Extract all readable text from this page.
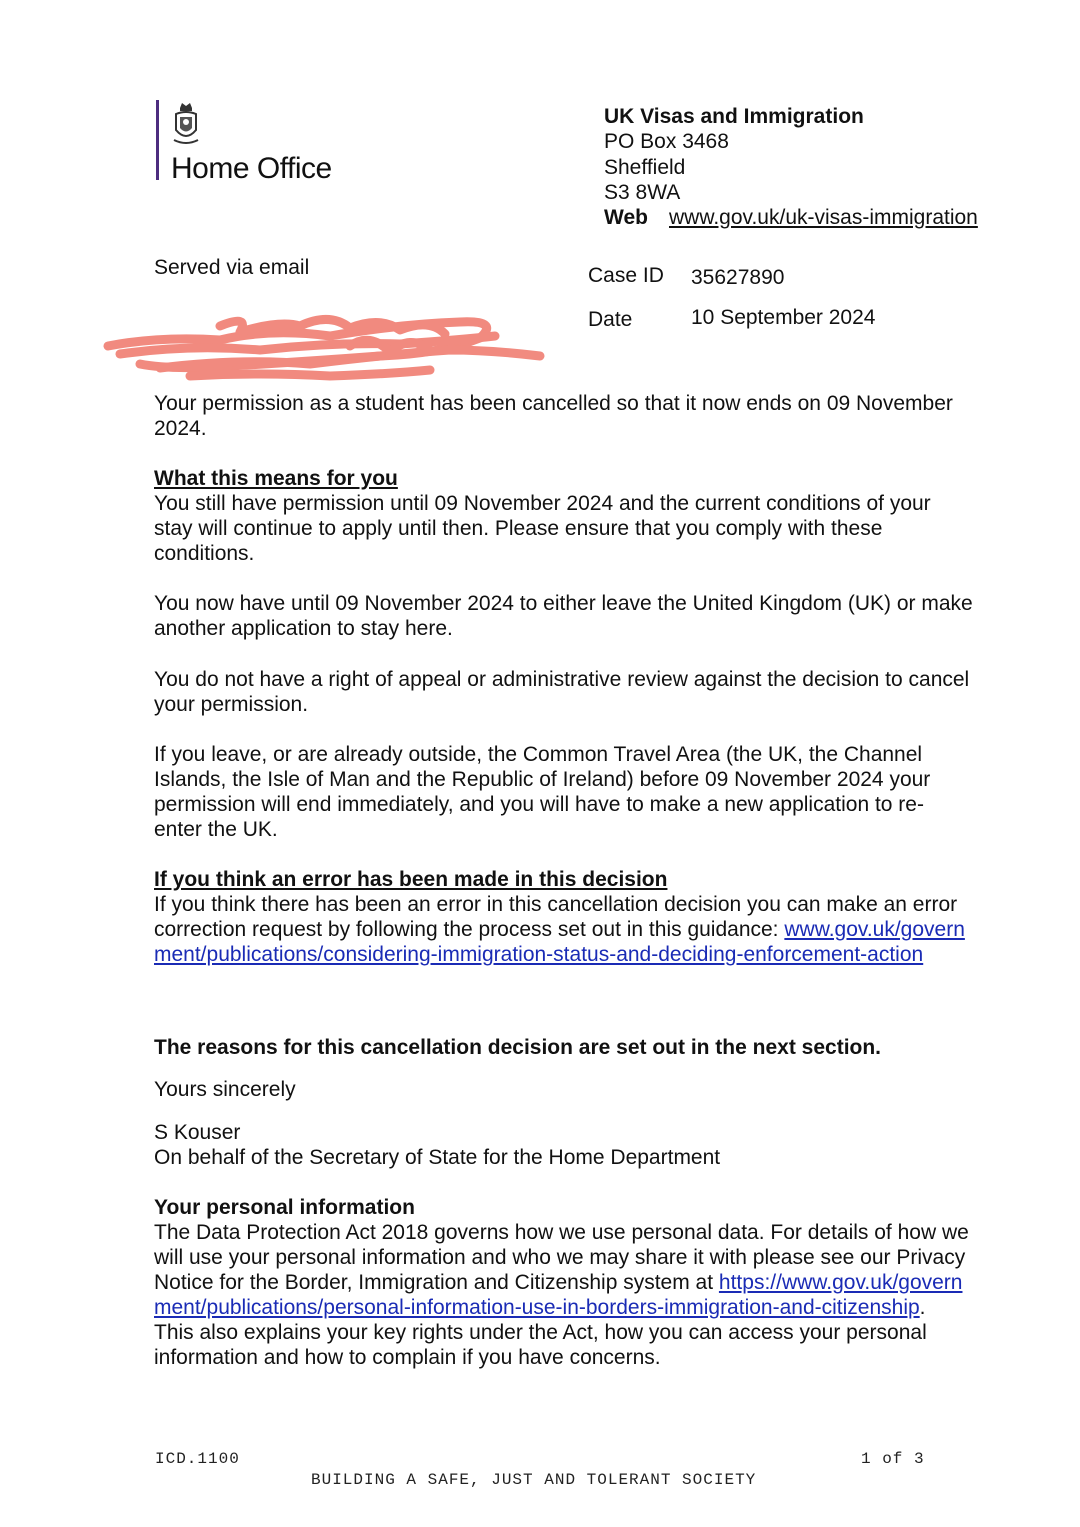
Home Office
UK Visas and Immigration
PO Box 3468
Sheffield
S3 8WA
Web www.gov.uk/uk-visas-immigration
Served via email	Case ID 35627890
Date	10 September 2024

Your permission as a student has been cancelled so that it now ends on 09 November 2024.

What this means for you
You still have permission until 09 November 2024 and the current conditions of your stay will continue to apply until then. Please ensure that you comply with these conditions.
You now have until 09 November 2024 to either leave the United Kingdom (UK) or make another application to stay here.
You do not have a right of appeal or administrative review against the decision to cancel your permission.
If you leave, or are already outside, the Common Travel Area (the UK, the Channel Islands, the Isle of Man and the Republic of Ireland) before 09 November 2024 your permission will end immediately, and you will have to make a new application to re-enter the UK.
If you think an error has been made in this decision
If you think there has been an error in this cancellation decision you can make an error correction request by following the process set out in this guidance: www.gov.uk/government/publications/considering-immigration-status-and-deciding-enforcement-action
The reasons for this cancellation decision are set out in the next section.
Yours sincerely
S Kouser
On behalf of the Secretary of State for the Home Department
Your personal information
The Data Protection Act 2018 governs how we use personal data. For details of how we will use your personal information and who we may share it with please see our Privacy Notice for the Border, Immigration and Citizenship system at https://www.gov.uk/government/publications/personal-information-use-in-borders-immigration-and-citizenship. This also explains your key rights under the Act, how you can access your personal information and how to complain if you have concerns.
ICD.1100	1 of 3
BUILDING A SAFE, JUST AND TOLERANT SOCIETY
